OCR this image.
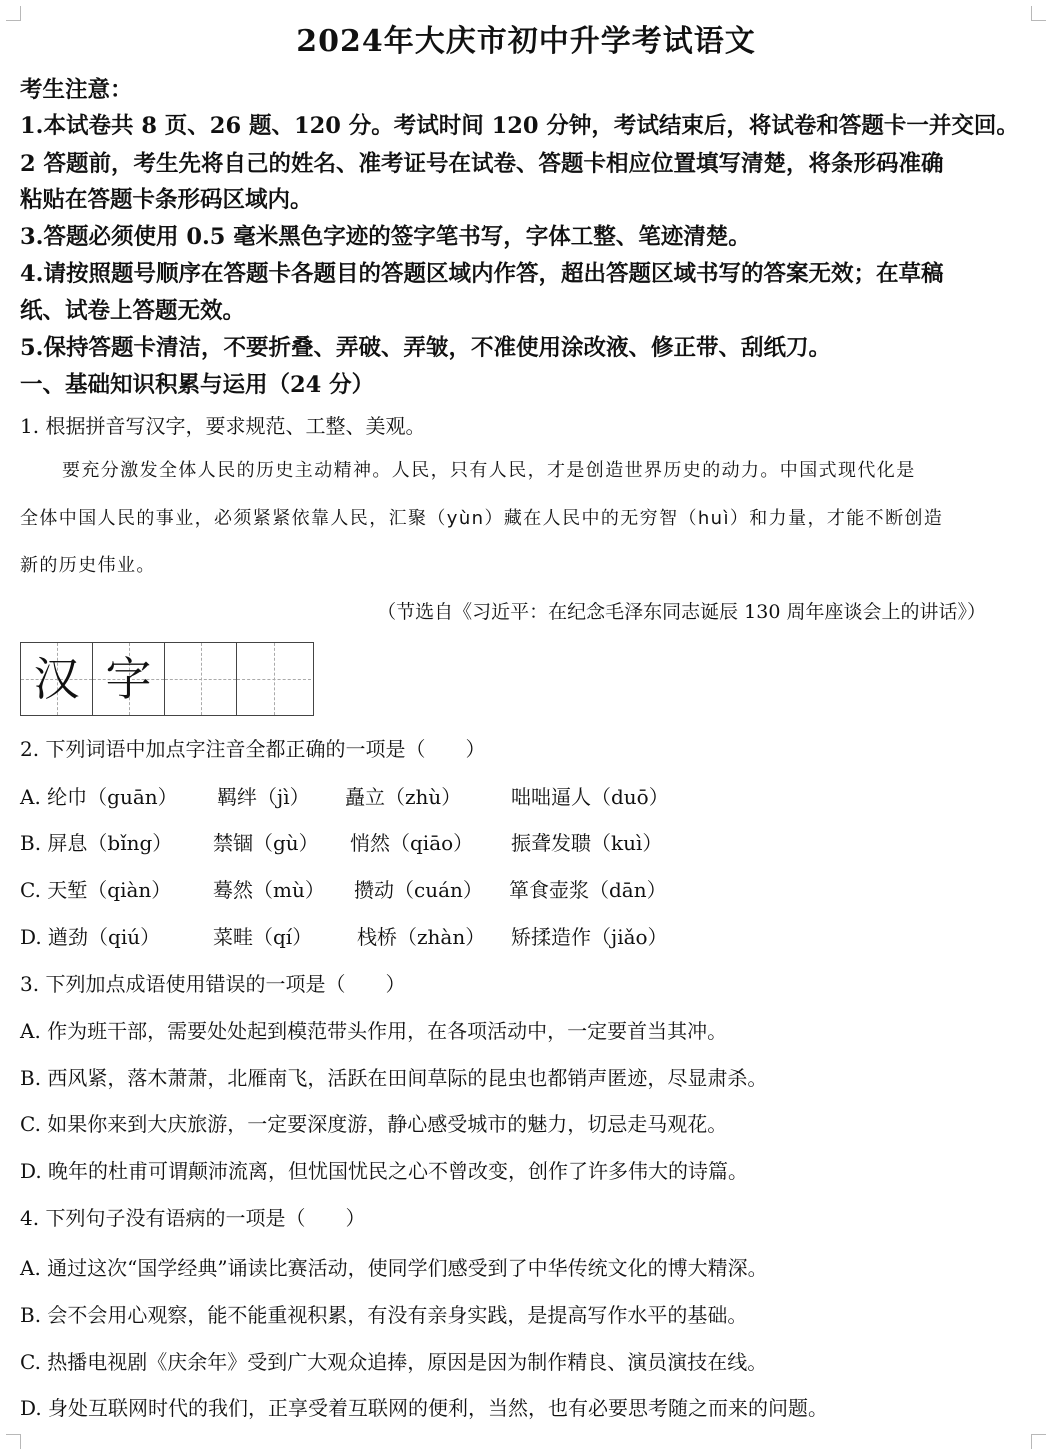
2024年大庆市初中升学考试语文
考生注意：
1.本试卷共 8 页、26 题、120 分。考试时间 120 分钟，考试结束后，将试卷和答题卡一并交回。
2 答题前，考生先将自己的姓名、准考证号在试卷、答题卡相应位置填写清楚，将条形码准确
粘贴在答题卡条形码区域内。
3.答题必须使用 0.5 毫米黑色字迹的签字笔书写，字体工整、笔迹清楚。
4.请按照题号顺序在答题卡各题目的答题区域内作答，超出答题区域书写的答案无效；在草稿
纸、试卷上答题无效。
5.保持答题卡清洁，不要折叠、弄破、弄皱，不准使用涂改液、修正带、刮纸刀。
一、基础知识积累与运用（24 分）
1. 根据拼音写汉字，要求规范、工整、美观。
要充分激发全体人民的历史主动精神。人民，只有人民，才是创造世界历史的动力。中国式现代化是
全体中国人民的事业，必须紧紧依靠人民，汇聚（yùn）藏在人民中的无穷智（huì）和力量，才能不断创造
新的历史伟业。
（节选自《习近平：在纪念毛泽东同志诞辰 130 周年座谈会上的讲话》）
汉 字
2. 下列词语中加点字注音全都正确的一项是（　　）
A. 纶巾（guān） 羁绊（jì） 矗立（zhù） 咄咄逼人（duō）
B. 屏息（bǐng） 禁锢（gù） 悄然（qiāo） 振聋发聩（kuì）
C. 天堑（qiàn） 蓦然（mù） 攒动（cuán） 箪食壶浆（dān）
D. 遒劲（qiú）	菜畦（qí） 栈桥（zhàn） 矫揉造作（jiǎo）
3. 下列加点成语使用错误的一项是（　　）
A. 作为班干部，需要处处起到模范带头作用，在各项活动中，一定要首当其冲。
B. 西风紧，落木萧萧，北雁南飞，活跃在田间草际的昆虫也都销声匿迹，尽显肃杀。
C. 如果你来到大庆旅游，一定要深度游，静心感受城市的魅力，切忌走马观花。
D. 晚年的杜甫可谓颠沛流离，但忧国忧民之心不曾改变，创作了许多伟大的诗篇。
4. 下列句子没有语病的一项是（　　）
A. 通过这次“国学经典”诵读比赛活动，使同学们感受到了中华传统文化的博大精深。
B. 会不会用心观察，能不能重视积累，有没有亲身实践，是提高写作水平的基础。
C. 热播电视剧《庆余年》受到广大观众追捧，原因是因为制作精良、演员演技在线。
D. 身处互联网时代的我们，正享受着互联网的便利，当然，也有必要思考随之而来的问题。
